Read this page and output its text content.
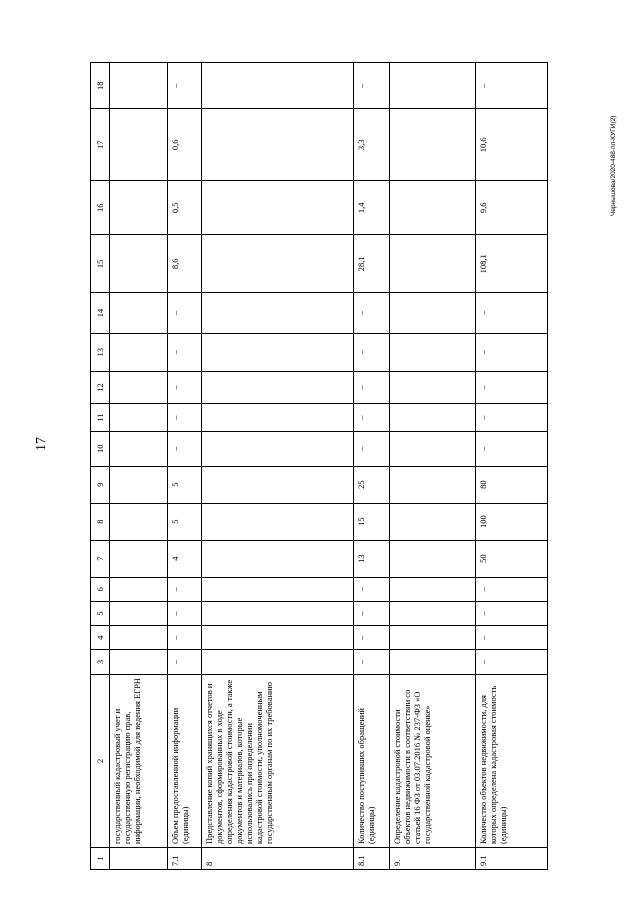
17
Чернышова/2020-488-пп-КУГИ(2)
1	2	3	4	5	6	7	8	9	10	11	12	13	14	15	16	17	18
	государственный кадастровый учет и государственную регистрацию прав, информации, необходимой для ведения ЕГРН																
7.1	Объем предоставленной информации (единицы)	–	–	–	–	4	5	5	–	–	–	–	–	8,6	0,5	0,6	–
8	Представление копий хранящихся отчетов и документов, сформированных в ходе определения кадастровой стоимости, а также документов и материалов, которые использовались при определении кадастровой стоимости, уполномоченным государственным органам по их требованию																
8.1	Количество поступивших обращений (единицы)	–	–	–	–	13	15	25	–	–	–	–	–	28,1	1,4	3,3	–
9.	Определение кадастровой стоимости объектов недвижимости в соответствии со статьей 16 ФЗ от 03.07.2016 № 237-ФЗ «О государственной кадастровой оценке»																
9.1	Количество объектов недвижимости, для которых определена кадастровая стоимость (единицы)	–	–	–	–	50	100	80	–	–	–	–	–	108,1	9,6	10,6	–
